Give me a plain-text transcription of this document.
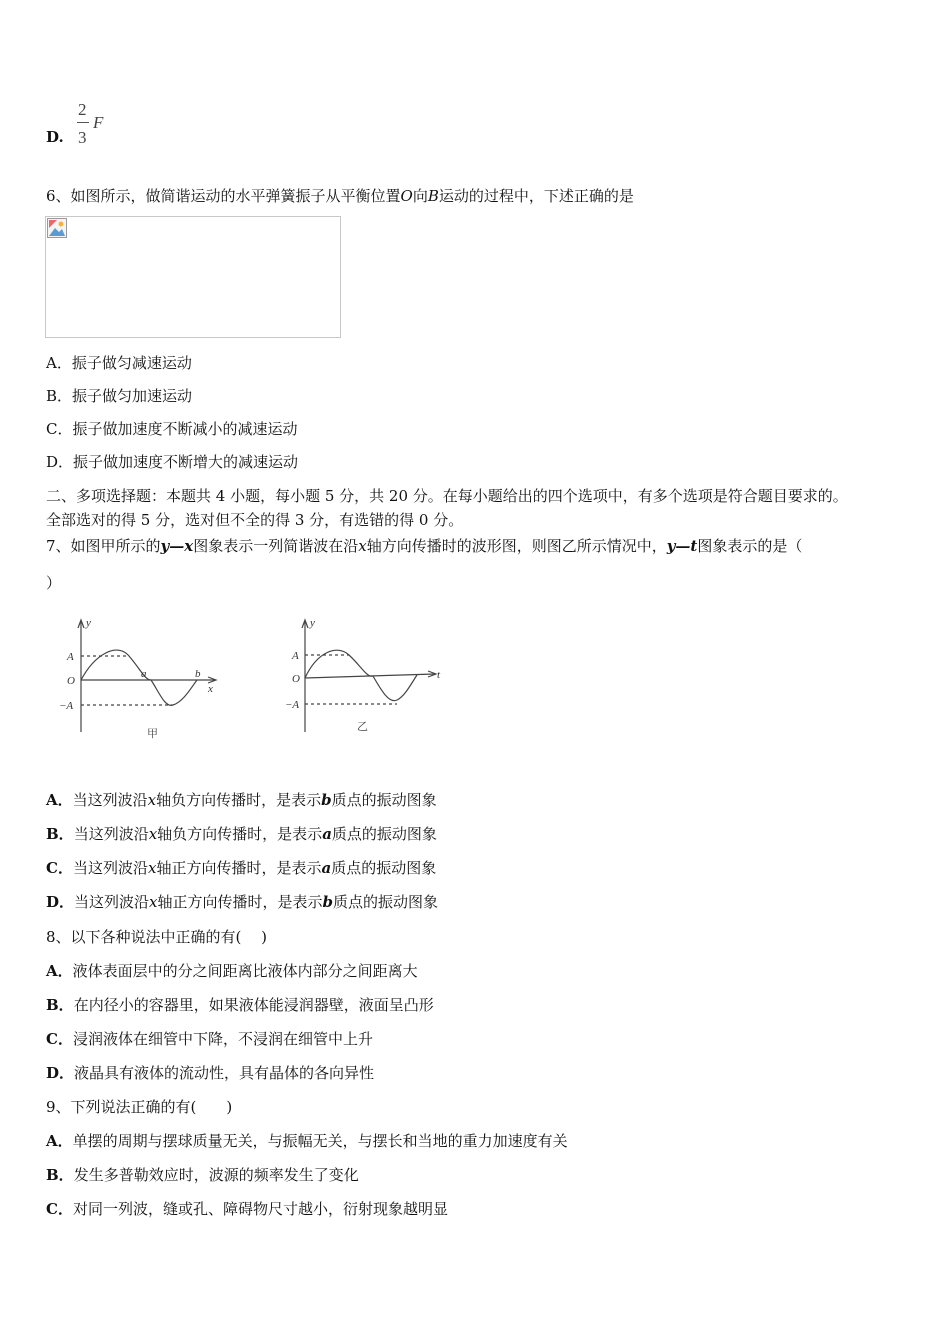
D.
2
3
F
6、如图所示，做简谐运动的水平弹簧振子从平衡位置O向B运动的过程中，下述正确的是
A．振子做匀减速运动
B．振子做匀加速运动
C．振子做加速度不断减小的减速运动
D．振子做加速度不断增大的减速运动
二、多项选择题：本题共 4 小题，每小题 5 分，共 20 分。在每小题给出的四个选项中，有多个选项是符合题目要求的。
全部选对的得 5 分，选对但不全的得 3 分，有选错的得 0 分。
7、如图甲所示的y—x图象表示一列简谐波在沿x轴方向传播时的波形图，则图乙所示情况中，y—t图象表示的是（
）
y
A
O
−A
a	b
x
甲
y
A
O
−A
t
乙
A．当这列波沿x轴负方向传播时，是表示b质点的振动图象
B．当这列波沿x轴负方向传播时，是表示a质点的振动图象
C．当这列波沿x轴正方向传播时，是表示a质点的振动图象
D．当这列波沿x轴正方向传播时，是表示b质点的振动图象
8、以下各种说法中正确的有(　 )
A．液体表面层中的分之间距离比液体内部分之间距离大
B．在内径小的容器里，如果液体能浸润器壁，液面呈凸形
C．浸润液体在细管中下降，不浸润在细管中上升
D．液晶具有液体的流动性，具有晶体的各向异性
9、下列说法正确的有(　　)
A．单摆的周期与摆球质量无关，与振幅无关，与摆长和当地的重力加速度有关
B．发生多普勒效应时，波源的频率发生了变化
C．对同一列波，缝或孔、障碍物尺寸越小，衍射现象越明显
